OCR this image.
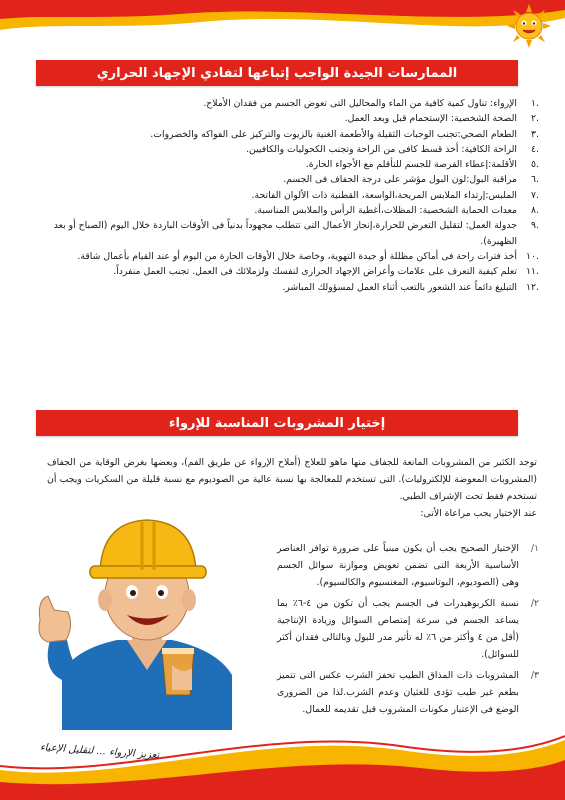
الممارسات الجيدة الواجب إتباعها لتفادي الإجهاد الحراري
.١
الإرواء: تناول كمية كافية من الماء والمحاليل التى تعوض الجسم من فقدان الأملاح.
.٢
الصحة الشخصية: الإستحمام قبل وبعد العمل.
.٣
الطعام الصحي:تجنب الوجبات الثقيلة والأطعمة الغنية بالزيوت والتركيز على الفواكه والخضروات.
.٤
الراحة الكافية: أخذ قسط كافى من الراحة وتجنب الكحوليات والكافيين.
.٥
الأقلمة:إعطاء الفرصة للجسم للتأقلم مع الأجواء الحارة.
.٦
مراقبة البول:لون البول مؤشر على درجة الجفاف فى الجسم.
.٧
الملبس:إرتداء الملابس المريحة،الواسعة، القطنية ذات الألوان الفاتحة.
.٨
معدات الحماية الشخصية: المظلات،أغطية الرأس والملابس المناسبة.
.٩
جدولة العمل: لتقليل التعرض للحرارة،إنجاز الأعمال التى تتطلب مجهوداً بدنياً فى الأوقات الباردة خلال اليوم (الصباح أو بعد الظهيرة).
.١٠
أخذ فترات راحة فى أماكن مظللة أو جيدة التهوية، وخاصة خلال الأوقات الحارة من اليوم أو عند القيام بأعمال شاقة.
.١١
تعلم كيفية التعرف على علامات وأعراض الإجهاد الحرارى لنفسك ولزملائك فى العمل. تجنب العمل منفرداً.
.١٢
التبليغ دائماً عند الشعور بالتعب أثناء العمل لمسؤولك المباشر.
إختيار المشروبات المناسبة للإرواء
توجد الكثير من المشروبات المانعة للجفاف منها ماهو للعلاج (أملاح الإرواء عن طريق الفم)، وبعضها بغرض الوقاية من الجفاف (المشروبات المعوضة للإلكتروليات). التى تستخدم للمعالجة بها نسبة عالية من الصوديوم مع نسبة قليلة من السكريات ويجب أن تستخدم فقط تحت الإشراف الطبي.
عند الإختيار يجب مراعاة الأتى:
١/
الإختيار الصحيح يجب أن يكون مبنياً على ضرورة توافر العناصر الأساسية الأربعة التى تضمن تعويض وموازنة سوائل الجسم وهى (الصوديوم، البوتاسيوم، المغنسيوم والكالسيوم).
٢/
نسبة الكربوهيدرات فى الجسم يجب أن تكون من ٤-٦٪ بما يساعد الجسم فى سرعة إمتصاص السوائل وزيادة الإنتاجية (أقل من ٤ وأكثر من ٦٪ له تأثير مدر للبول وبالتالى فقدان أكثر للسوائل).
٣/
المشروبات ذات المذاق الطيب تحفز الشرب عكس التى تتميز بطعم غير طيب تؤدى للغثيان وعدم الشرب.لذا من الضرورى الوضع فى الإعتبار مكونات المشروب قبل تقديمه للعمال.
تعزيز الإرواء ... لتقليل الإعياء
